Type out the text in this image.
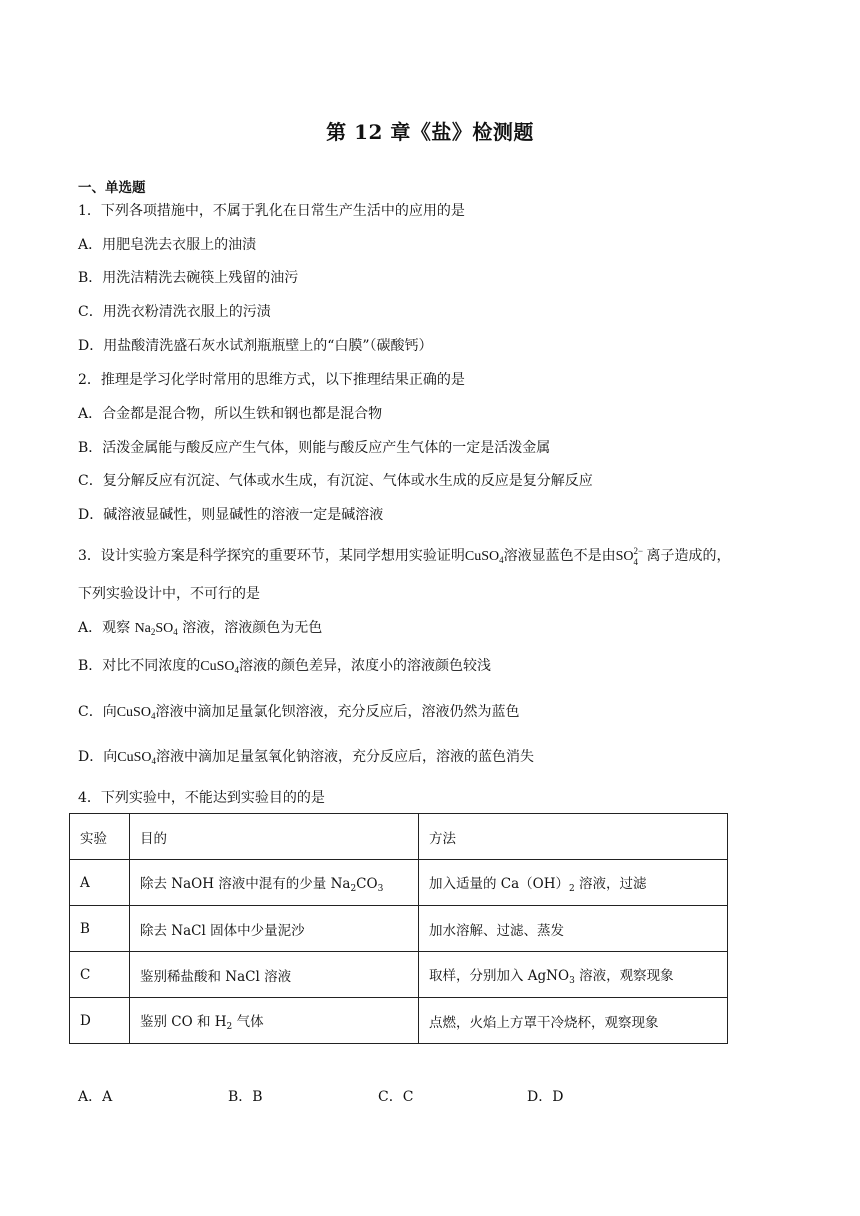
第 12 章《盐》检测题
一、单选题
1．下列各项措施中，不属于乳化在日常生产生活中的应用的是
A．用肥皂洗去衣服上的油渍
B．用洗洁精洗去碗筷上残留的油污
C．用洗衣粉清洗衣服上的污渍
D．用盐酸清洗盛石灰水试剂瓶瓶壁上的“白膜”（碳酸钙）
2．推理是学习化学时常用的思维方式，以下推理结果正确的是
A．合金都是混合物，所以生铁和钢也都是混合物
B．活泼金属能与酸反应产生气体，则能与酸反应产生气体的一定是活泼金属
C．复分解反应有沉淀、气体或水生成，有沉淀、气体或水生成的反应是复分解反应
D．碱溶液显碱性，则显碱性的溶液一定是碱溶液
3．设计实验方案是科学探究的重要环节，某同学想用实验证明CuSO$_4$溶液显蓝色不是由SO 2−
4 离子造成的，
下列实验设计中，不可行的是
A．观察 $Na_2SO_4$ 溶液，溶液颜色为无色
B．对比不同浓度的CuSO$_4$溶液的颜色差异，浓度小的溶液颜色较浅
C．向CuSO$_4$溶液中滴加足量氯化钡溶液，充分反应后，溶液仍然为蓝色
D．向CuSO$_4$溶液中滴加足量氢氧化钠溶液，充分反应后，溶液的蓝色消失
4．下列实验中，不能达到实验目的的是
实验	目的	方法
A	除去 NaOH 溶液中混有的少量 $Na_2CO_3$	加入适量的 $Ca(OH)_2$ 溶液，过滤
B	除去 NaCl 固体中少量泥沙	加水溶解、过滤、蒸发
C	鉴别稀盐酸和 NaCl 溶液	取样，分别加入 AgNO$_3$ 溶液，观察现象
D	鉴别 CO 和 $H_2$ 气体	点燃，火焰上方罩干冷烧杯，观察现象
A．A	B．B	C．C	D．D
